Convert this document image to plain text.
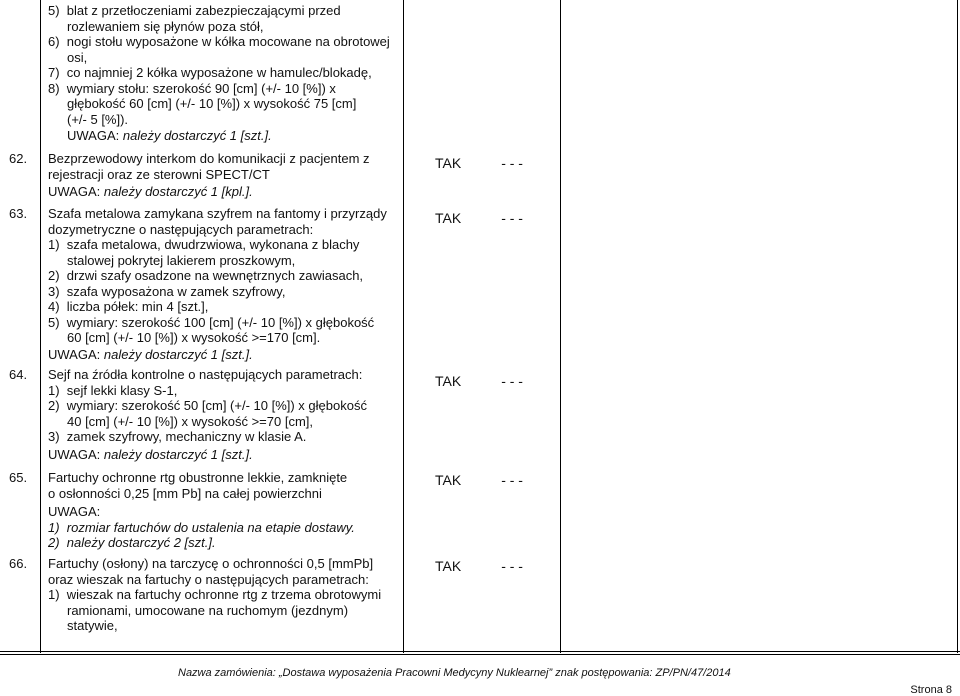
5)  blat z przetłoczeniami zabezpieczającymi przed
rozlewaniem się płynów poza stół,
6)  nogi stołu wyposażone w kółka mocowane na obrotowej
osi,
7)  co najmniej 2 kółka wyposażone w hamulec/blokadę,
8)  wymiary stołu: szerokość 90 [cm] (+/- 10 [%]) x
głębokość 60 [cm] (+/- 10 [%]) x wysokość 75 [cm]
(+/- 5 [%]).
UWAGA: należy dostarczyć 1 [szt.].
62.	Bezprzewodowy interkom do komunikacji z pacjentem z
rejestracji oraz ze sterowni SPECT/CT
UWAGA: należy dostarczyć 1 [kpl.].
TAK	- - -
63.	Szafa metalowa zamykana szyfrem na fantomy i przyrządy
dozymetryczne o następujących parametrach:
1)  szafa metalowa, dwudrzwiowa, wykonana z blachy
stalowej pokrytej lakierem proszkowym,
2)  drzwi szafy osadzone na wewnętrznych zawiasach,
3)  szafa wyposażona w zamek szyfrowy,
4)  liczba półek: min 4 [szt.],
5)  wymiary: szerokość 100 [cm] (+/- 10 [%]) x głębokość
60 [cm] (+/- 10 [%]) x wysokość >=170 [cm].
UWAGA: należy dostarczyć 1 [szt.].
TAK	- - -
64.	Sejf na źródła kontrolne o następujących parametrach:
1)  sejf lekki klasy S-1,
2)  wymiary: szerokość 50 [cm] (+/- 10 [%]) x głębokość
40 [cm] (+/- 10 [%]) x wysokość >=70 [cm],
3)  zamek szyfrowy, mechaniczny w klasie A.
UWAGA: należy dostarczyć 1 [szt.].
TAK	- - -
65.	Fartuchy ochronne rtg obustronne lekkie, zamknięte
o osłonności 0,25 [mm Pb] na całej powierzchni
UWAGA:
1)  rozmiar fartuchów do ustalenia na etapie dostawy.
2)  należy dostarczyć 2 [szt.].
TAK	- - -
66.	Fartuchy (osłony) na tarczycę o ochronności 0,5 [mmPb]
oraz wieszak na fartuchy o następujących parametrach:
1)  wieszak na fartuchy ochronne rtg z trzema obrotowymi
ramionami, umocowane na ruchomym (jezdnym)
statywie,
TAK	- - -
Nazwa zamówienia: „Dostawa wyposażenia Pracowni Medycyny Nuklearnej” znak postępowania: ZP/PN/47/2014
Strona 8
